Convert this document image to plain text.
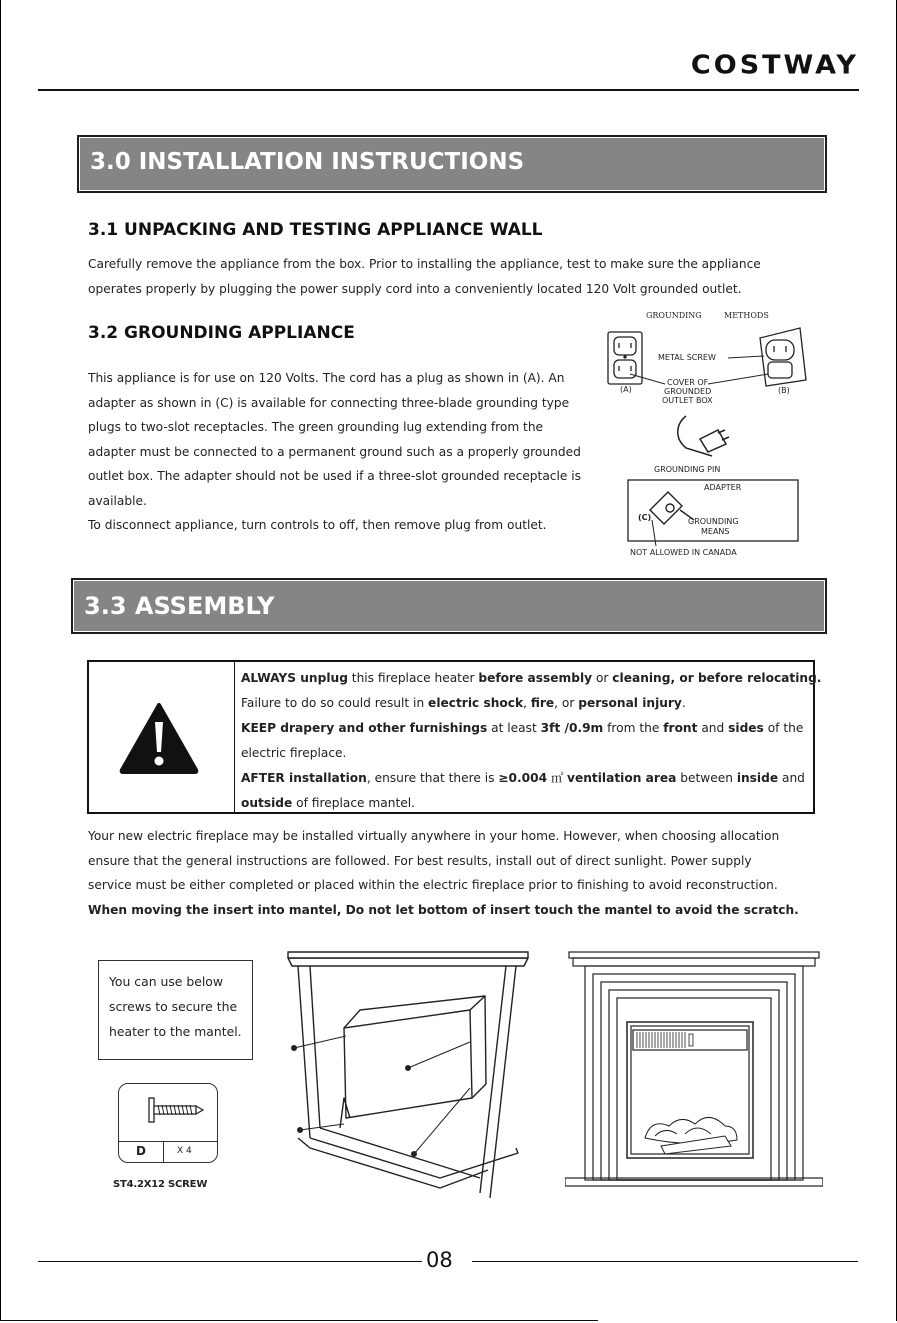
COSTWAY
3.0 INSTALLATION INSTRUCTIONS
3.1 UNPACKING AND TESTING APPLIANCE WALL

Carefully remove the appliance from the box. Prior to installing the appliance, test to make sure the appliance

operates properly by plugging the power supply cord into a conveniently located 120 Volt grounded outlet.

3.2 GROUNDING APPLIANCE

This appliance is for use on 120 Volts. The cord has a plug as shown in (A). An

adapter as shown in (C) is available for connecting three-blade grounding type

plugs to two-slot receptacles. The green grounding lug extending from the

adapter must be connected to a permanent ground such as a properly grounded

outlet box. The adapter should not be used if a three-slot grounded receptacle is

available.

To disconnect appliance, turn controls to off, then remove plug from outlet.

GROUNDING	METHODS
METAL SCREW
COVER OF
GROUNDED
OUTLET BOX
(A)	(B)
GROUNDING PIN
ADAPTER
(C)	GROUNDING
MEANS
NOT ALLOWED IN CANADA
3.3 ASSEMBLY
ALWAYS unplug this fireplace heater before assembly or cleaning, or before relocating.
Failure to do so could result in electric shock, fire, or personal injury.
KEEP drapery and other furnishings at least 3ft /0.9m from the front and sides of the
electric fireplace.
AFTER installation, ensure that there is ≥0.004 ㎡ ventilation area between inside and
outside of fireplace mantel.

Your new electric fireplace may be installed virtually anywhere in your home. However, when choosing allocation

ensure that the general instructions are followed. For best results, install out of direct sunlight. Power supply

service must be either completed or placed within the electric fireplace prior to finishing to avoid reconstruction.

When moving the insert into mantel, Do not let bottom of insert touch the mantel to avoid the scratch.

You can use below screws to secure the heater to the mantel.
D	X 4
ST4.2X12 SCREW
08
